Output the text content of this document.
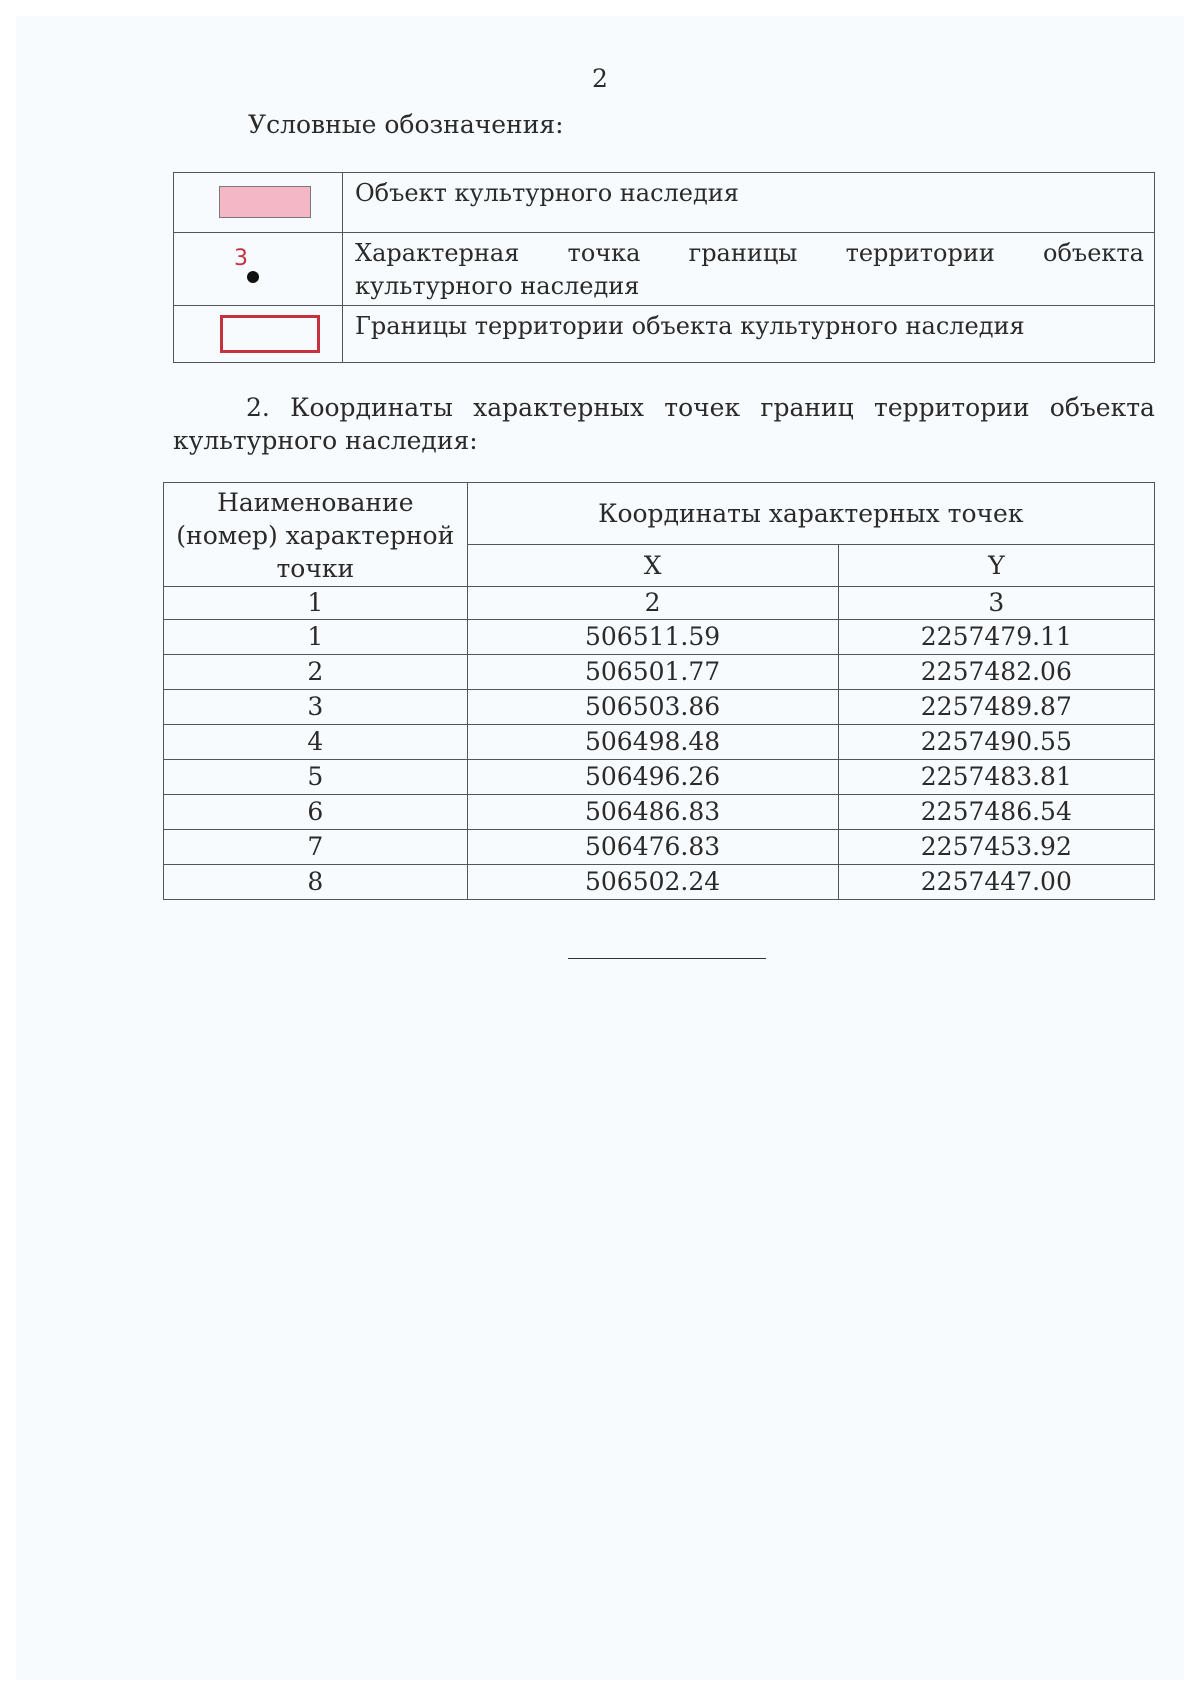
2
Условные обозначения:
	Объект культурного наследия

3	Характерная точка границы территории объекта культурного наследия

	Границы территории объекта культурного наследия
2. Координаты характерных точек границ территории объекта
культурного наследия:
Наименование (номер) характерной точки	Координаты характерных точек	
	X	Y
1	2	3
1	506511.59	2257479.11
2	506501.77	2257482.06
3	506503.86	2257489.87
4	506498.48	2257490.55
5	506496.26	2257483.81
6	506486.83	2257486.54
7	506476.83	2257453.92
8	506502.24	2257447.00
